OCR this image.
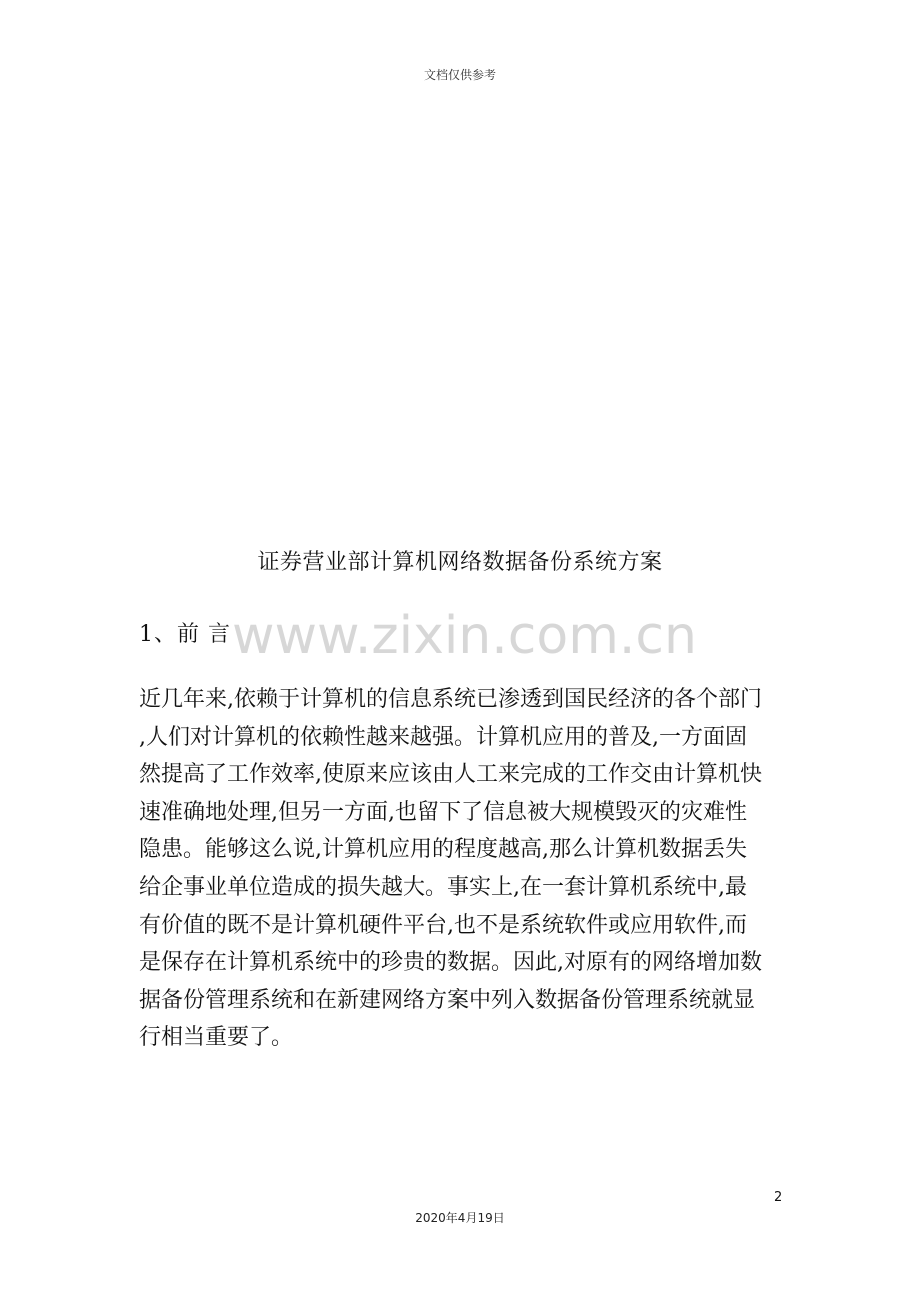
文档仅供参考
证券营业部计算机网络数据备份系统方案
www.zixin.com.cn
1、前 言
近几年来,依赖于计算机的信息系统已渗透到国民经济的各个部门
,人们对计算机的依赖性越来越强。计算机应用的普及,一方面固
然提高了工作效率,使原来应该由人工来完成的工作交由计算机快
速准确地处理,但另一方面,也留下了信息被大规模毁灭的灾难性
隐患。能够这么说,计算机应用的程度越高,那么计算机数据丢失
给企事业单位造成的损失越大。事实上,在一套计算机系统中,最
有价值的既不是计算机硬件平台,也不是系统软件或应用软件,而
是保存在计算机系统中的珍贵的数据。因此,对原有的网络增加数
据备份管理系统和在新建网络方案中列入数据备份管理系统就显
行相当重要了。
2
2020年4月19日
